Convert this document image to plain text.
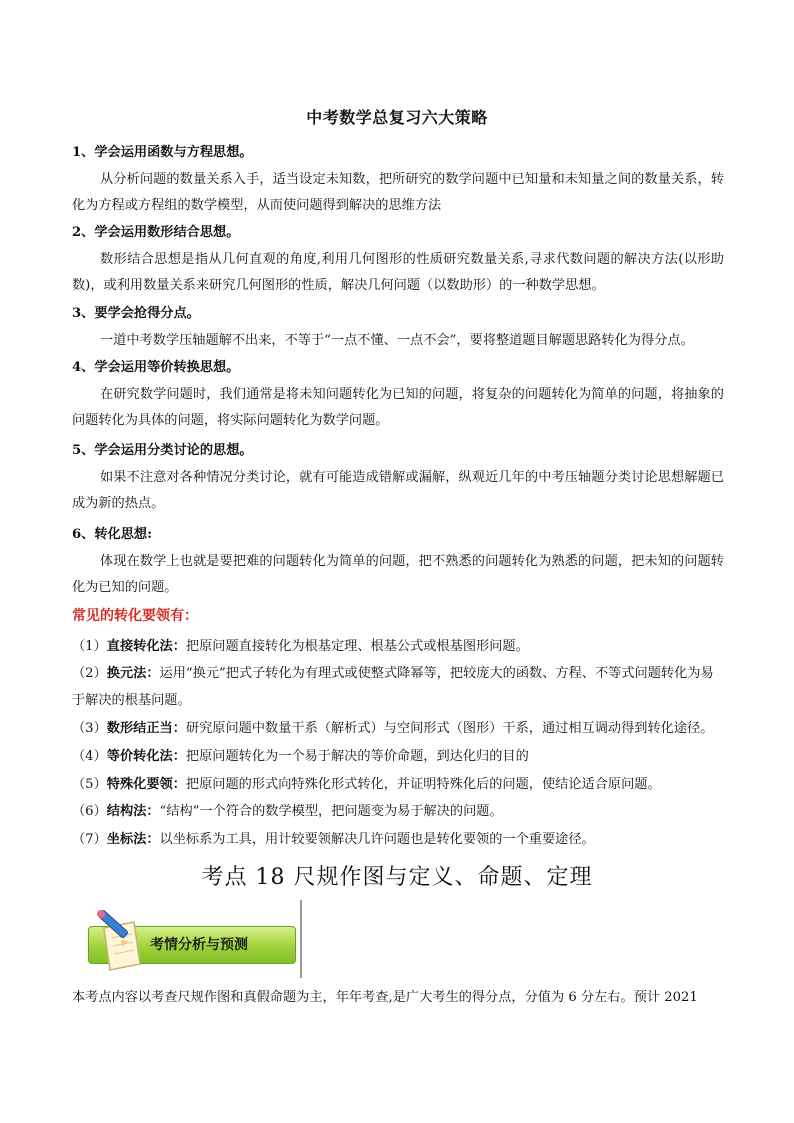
中考数学总复习六大策略
1、学会运用函数与方程思想。
从分析问题的数量关系入手，适当设定未知数，把所研究的数学问题中已知量和未知量之间的数量关系，转化为方程或方程组的数学模型，从而使问题得到解决的思维方法
2、学会运用数形结合思想。
数形结合思想是指从几何直观的角度,利用几何图形的性质研究数量关系,寻求代数问题的解决方法(以形助数)，或利用数量关系来研究几何图形的性质，解决几何问题（以数助形）的一种数学思想。
3、要学会抢得分点。
一道中考数学压轴题解不出来，不等于“一点不懂、一点不会”，要将整道题目解题思路转化为得分点。
4、学会运用等价转换思想。
在研究数学问题时，我们通常是将未知问题转化为已知的问题，将复杂的问题转化为简单的问题，将抽象的问题转化为具体的问题，将实际问题转化为数学问题。
5、学会运用分类讨论的思想。
如果不注意对各种情况分类讨论，就有可能造成错解或漏解，纵观近几年的中考压轴题分类讨论思想解题已成为新的热点。
6、转化思想:
体现在数学上也就是要把难的问题转化为简单的问题，把不熟悉的问题转化为熟悉的问题，把未知的问题转化为已知的问题。
常见的转化要领有：
（1）直接转化法：把原问题直接转化为根基定理、根基公式或根基图形问题。
（2）换元法：运用“换元”把式子转化为有理式或使整式降幂等，把较庞大的函数、方程、不等式问题转化为易于解决的根基问题。
（3）数形结正当：研究原问题中数量干系（解析式）与空间形式（图形）干系，通过相互调动得到转化途径。
（4）等价转化法：把原问题转化为一个易于解决的等价命题，到达化归的目的
（5）特殊化要领：把原问题的形式向特殊化形式转化，并证明特殊化后的问题，使结论适合原问题。
（6）结构法：“结构”一个符合的数学模型，把问题变为易于解决的问题。
（7）坐标法：以坐标系为工具，用计较要领解决几许问题也是转化要领的一个重要途径。
考点 18 尺规作图与定义、命题、定理
考情分析与预测
本考点内容以考查尺规作图和真假命题为主，年年考查,是广大考生的得分点，分值为 6 分左右。预计 2021
